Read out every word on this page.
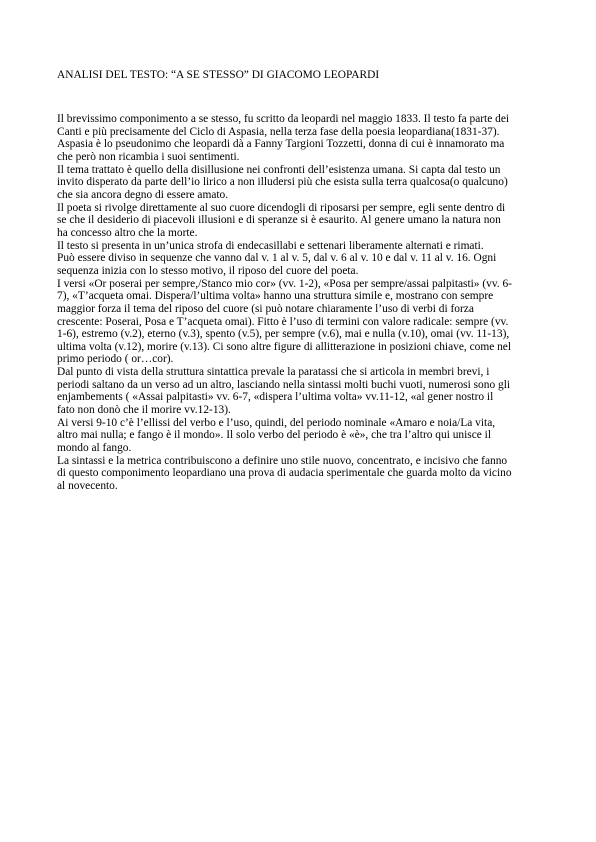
ANALISI DEL TESTO: “A SE STESSO” DI GIACOMO LEOPARDI
Il brevissimo componimento a se stesso, fu scritto da leopardi nel maggio 1833. Il testo fa parte dei
Canti e più precisamente del Ciclo di Aspasia, nella terza fase della poesia leopardiana(1831-37).
Aspasia è lo pseudonimo che leopardi dà a Fanny Targioni Tozzetti, donna di cui è innamorato ma
che però non ricambia i suoi sentimenti.
Il tema trattato è quello della disillusione nei confronti dell’esistenza umana. Si capta dal testo un
invito disperato da parte dell’io lirico a non illudersi più che esista sulla terra qualcosa(o qualcuno)
che sia ancora degno di essere amato.
Il poeta si rivolge direttamente al suo cuore dicendogli di riposarsi per sempre, egli sente dentro di
se che il desiderio di piacevoli illusioni e di speranze si è esaurito. Al genere umano la natura non
ha concesso altro che la morte.
Il testo si presenta in un’unica strofa di endecasillabi e settenari liberamente alternati e rimati.
Può essere diviso in sequenze che vanno dal v. 1 al v. 5, dal v. 6 al v. 10 e dal v. 11 al v. 16. Ogni
sequenza inizia con lo stesso motivo, il riposo del cuore del poeta.
I versi «Or poserai per sempre,/Stanco mio cor» (vv. 1-2), «Posa per sempre/assai palpitasti» (vv. 6-
7), «T’acqueta omai. Dispera/l’ultima volta» hanno una struttura simile e, mostrano con sempre
maggior forza il tema del riposo del cuore (si può notare chiaramente l’uso di verbi di forza
crescente: Poserai, Posa e T’acqueta omai). Fitto è l’uso di termini con valore radicale: sempre (vv.
1-6), estremo (v.2), eterno (v.3), spento (v.5), per sempre (v.6), mai e nulla (v.10), omai (vv. 11-13),
ultima volta (v.12), morire (v.13). Ci sono altre figure di allitterazione in posizioni chiave, come nel
primo periodo ( or…cor).
Dal punto di vista della struttura sintattica prevale la paratassi che si articola in membri brevi, i
periodi saltano da un verso ad un altro, lasciando nella sintassi molti buchi vuoti, numerosi sono gli
enjambements ( «Assai palpitasti» vv. 6-7, «dispera l’ultima volta» vv.11-12, «al gener nostro il
fato non donò che il morire vv.12-13).
Ai versi 9-10 c’è l’ellissi del verbo e l’uso, quindi, del periodo nominale «Amaro e noia/La vita,
altro mai nulla; e fango è il mondo». Il solo verbo del periodo è «è», che tra l’altro qui unisce il
mondo al fango.
La sintassi e la metrica contribuiscono a definire uno stile nuovo, concentrato, e incisivo che fanno
di questo componimento leopardiano una prova di audacia sperimentale che guarda molto da vicino
al novecento.
